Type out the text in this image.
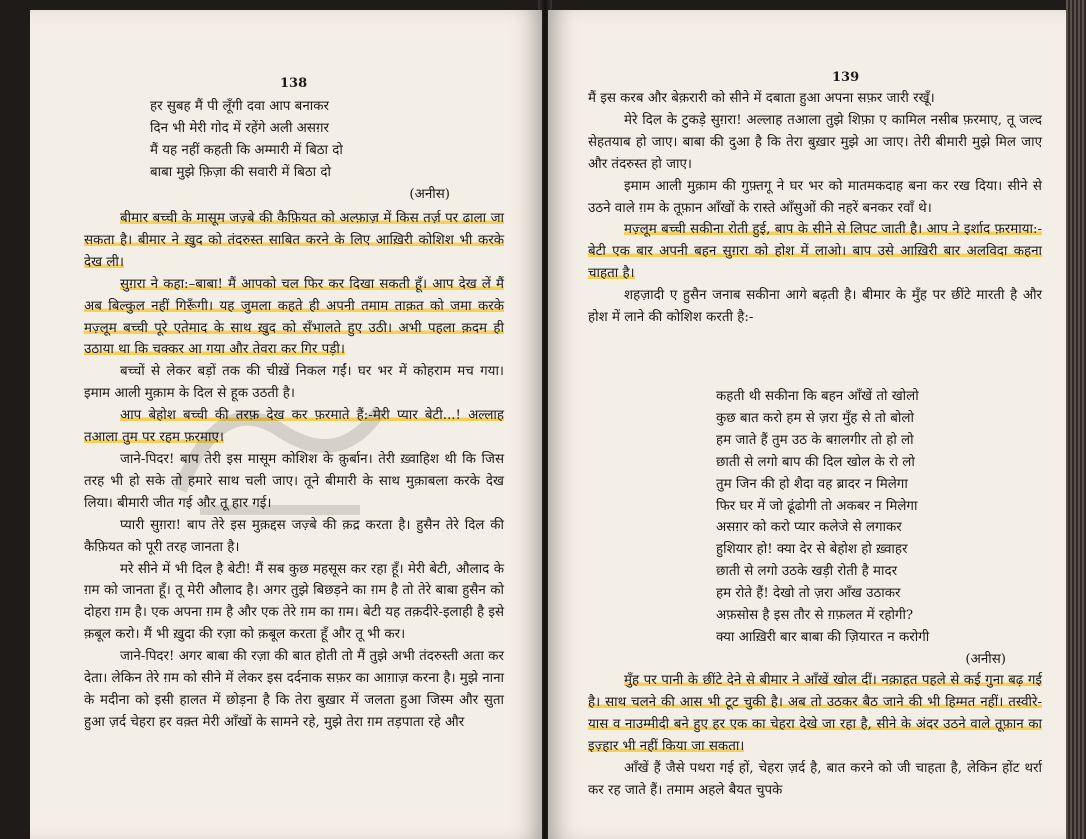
138
हर सुबह मैं पी लूँगी दवा आप बनाकर
दिन भी मेरी गोद में रहेंगे अली असग़र
मैं यह नहीं कहती कि अम्मारी में बिठा दो
बाबा मुझे फ़िज़ा की सवारी में बिठा दो
(अनीस)

बीमार बच्ची के मासूम जज़्बे की कैफ़ियत को अल्फ़ाज़ में किस तर्ज़ पर ढाला जा सकता है। बीमार ने ख़ुद को तंदरुस्त साबित करने के लिए आख़िरी कोशिश भी करके देख ली।

सुग़रा ने कहा:–बाबा! मैं आपको चल फिर कर दिखा सकती हूँ। आप देख लें मैं अब बिल्कुल नहीं गिरूँगी। यह जुमला कहते ही अपनी तमाम ताक़त को जमा करके मज़्लूम बच्ची पूरे एतेमाद के साथ ख़ुद को सँभालते हुए उठी। अभी पहला क़दम ही उठाया था कि चक्कर आ गया और तेवरा कर गिर पड़ी।

बच्चों से लेकर बड़ों तक की चीख़ें निकल गईं। घर भर में कोहराम मच गया। इमाम आली मुक़ाम के दिल से हूक उठती है।

आप बेहोश बच्ची की तरफ़ देख कर फ़रमाते हैं:-मेरी प्यार बेटी...! अल्लाह तआला तुम पर रहम फ़रमाए।

जाने-पिदर! बाप तेरी इस मासूम कोशिश के क़ुर्बान। तेरी ख़्वाहिश थी कि जिस तरह भी हो सके तो हमारे साथ चली जाए। तूने बीमारी के साथ मुक़ाबला करके देख लिया। बीमारी जीत गई और तू हार गई।

प्यारी सुग़रा! बाप तेरे इस मुक़द्दस जज़्बे की क़द्र करता है। हुसैन तेरे दिल की कैफ़ियत को पूरी तरह जानता है।

मरे सीने में भी दिल है बेटी! मैं सब कुछ महसूस कर रहा हूँ। मेरी बेटी, औलाद के ग़म को जानता हूँ। तू मेरी औलाद है। अगर तुझे बिछड़ने का ग़म है तो तेरे बाबा हुसैन को दोहरा ग़म है। एक अपना ग़म है और एक तेरे ग़म का ग़म। बेटी यह तक़दीरे-इलाही है इसे क़बूल करो। मैं भी ख़ुदा की रज़ा को क़बूल करता हूँ और तू भी कर।

जाने-पिदर! अगर बाबा की रज़ा की बात होती तो मैं तुझे अभी तंदरुस्ती अता कर देता। लेकिन तेरे ग़म को सीने में लेकर इस दर्दनाक सफ़र का आग़ाज़ करना है। मुझे नाना के मदीना को इसी हालत में छोड़ना है कि तेरा बुख़ार में जलता हुआ जिस्म और सुता हुआ ज़र्द चेहरा हर वक़्त मेरी आँखों के सामने रहे, मुझे तेरा ग़म तड़पाता रहे और

139

मैं इस करब और बेक़रारी को सीने में दबाता हुआ अपना सफ़र जारी रखूँ।

मेरे दिल के टुकड़े सुग़रा! अल्लाह तआला तुझे शिफ़ा ए कामिल नसीब फ़रमाए, तू जल्द सेहतयाब हो जाए। बाबा की दुआ है कि तेरा बुख़ार मुझे आ जाए। तेरी बीमारी मुझे मिल जाए और तंदरुस्त हो जाए।

इमाम आली मुक़ाम की गुफ़्तगू ने घर भर को मातमकदाह बना कर रख दिया। सीने से उठने वाले ग़म के तूफ़ान आँखों के रास्ते आँसुओं की नहरें बनकर रवाँ थे।

मज़्लूम बच्ची सकीना रोती हुई, बाप के सीने से लिपट जाती है। आप ने इर्शाद फ़रमाया:-बेटी एक बार अपनी बहन सुग़रा को होश में लाओ। बाप उसे आख़िरी बार अलविदा कहना चाहता है।

शहज़ादी ए हुसैन जनाब सकीना आगे बढ़ती है। बीमार के मुँह पर छींटे मारती है और होश में लाने की कोशिश करती है:-

कहती थी सकीना कि बहन आँखें तो खोलो
कुछ बात करो हम से ज़रा मुँह से तो बोलो
हम जाते हैं तुम उठ के बग़लगीर तो हो लो
छाती से लगो बाप की दिल खोल के रो लो
तुम जिन की हो शैदा वह ब्रादर न मिलेगा
फिर घर में जो ढूंढोगी तो अकबर न मिलेगा
असग़र को करो प्यार कलेजे से लगाकर
हुशियार हो! क्या देर से बेहोश हो ख़्वाहर
छाती से लगो उठके खड़ी रोती है मादर
हम रोते हैं! देखो तो ज़रा आँख उठाकर
अफ़सोस है इस तौर से ग़फ़लत में रहोगी?
क्या आख़िरी बार बाबा की ज़ियारत न करोगी
(अनीस)

मुँह पर पानी के छींटे देने से बीमार ने आँखें खोल दीं। नक़ाहत पहले से कई गुना बढ़ गई है। साथ चलने की आस भी टूट चुकी है। अब तो उठकर बैठ जाने की भी हिम्मत नहीं। तस्वीरे-यास व नाउम्मीदी बने हुए हर एक का चेहरा देखे जा रहा है, सीने के अंदर उठने वाले तूफ़ान का इज़्हार भी नहीं किया जा सकता।

आँखें हैं जैसे पथरा गई हों, चेहरा ज़र्द है, बात करने को जी चाहता है, लेकिन होंट थर्रा कर रह जाते हैं। तमाम अहले बैयत चुपके
